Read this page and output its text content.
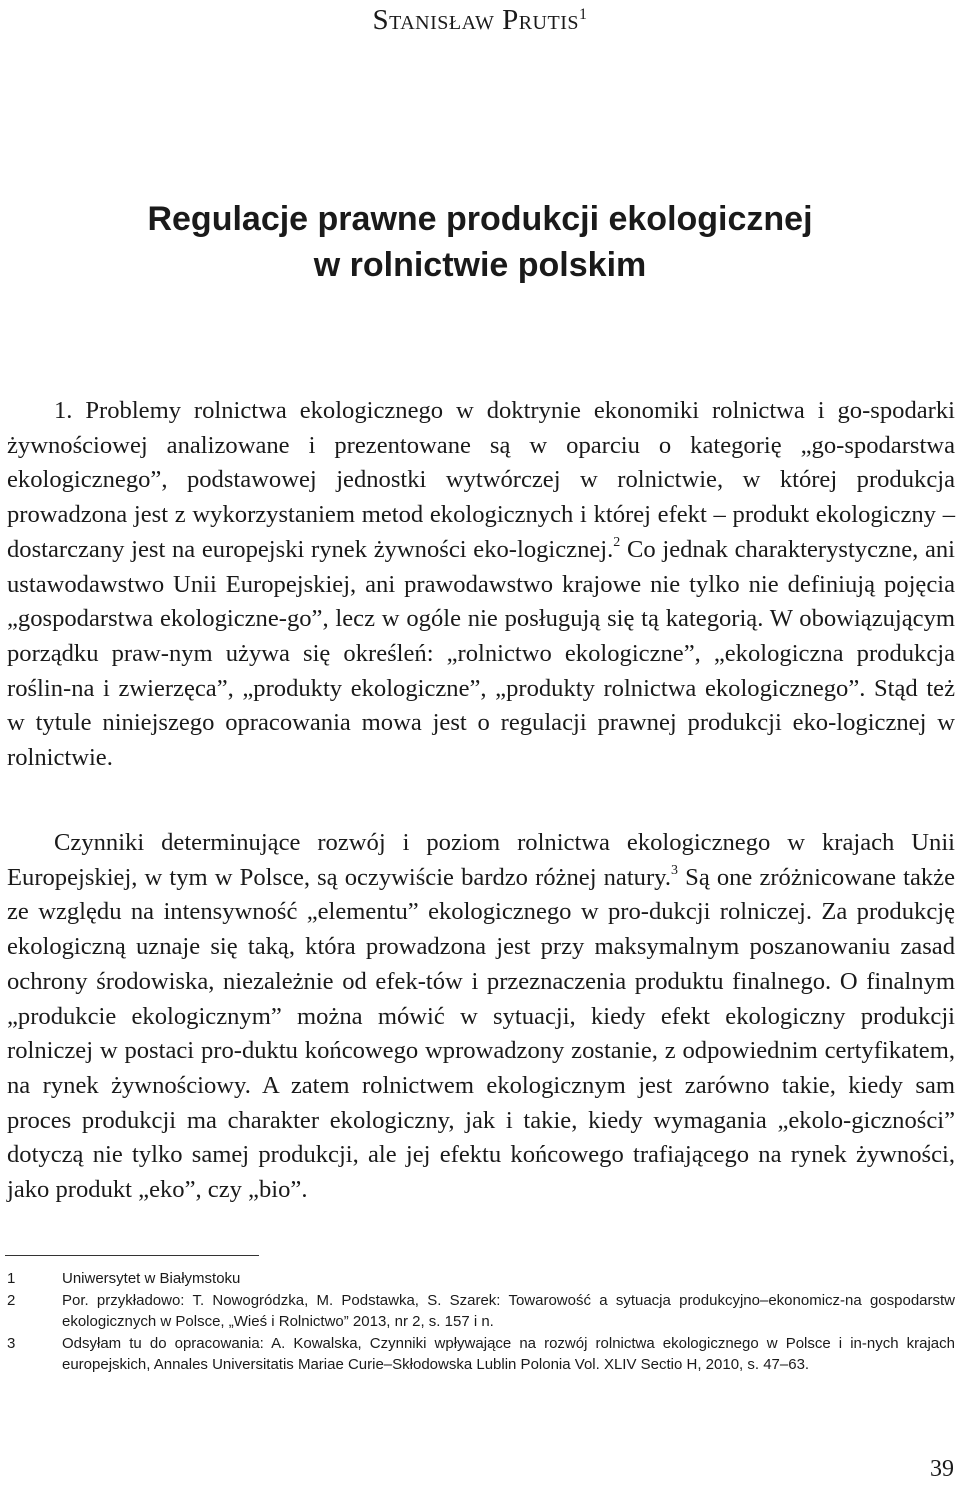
Stanisław Prutis$^1$
Regulacje prawne produkcji ekologicznej
w rolnictwie polskim

1. Problemy rolnictwa ekologicznego w doktrynie ekonomiki rolnictwa i go-spodarki żywnościowej analizowane i prezentowane są w oparciu o kategorię „go-spodarstwa ekologicznego”, podstawowej jednostki wytwórczej w rolnictwie, w której produkcja prowadzona jest z wykorzystaniem metod ekologicznych i której efekt – produkt ekologiczny – dostarczany jest na europejski rynek żywności eko-logicznej.$^2$ Co jednak charakterystyczne, ani ustawodawstwo Unii Europejskiej, ani prawodawstwo krajowe nie tylko nie definiują pojęcia „gospodarstwa ekologiczne-go”, lecz w ogóle nie posługują się tą kategorią. W obowiązującym porządku praw-nym używa się określeń: „rolnictwo ekologiczne”, „ekologiczna produkcja roślin-na i zwierzęca”, „produkty ekologiczne”, „produkty rolnictwa ekologicznego”. Stąd też w tytule niniejszego opracowania mowa jest o regulacji prawnej produkcji eko-logicznej w rolnictwie.

Czynniki determinujące rozwój i poziom rolnictwa ekologicznego w krajach Unii Europejskiej, w tym w Polsce, są oczywiście bardzo różnej natury.$^3$ Są one zróżnicowane także ze względu na intensywność „elementu” ekologicznego w pro-dukcji rolniczej. Za produkcję ekologiczną uznaje się taką, która prowadzona jest przy maksymalnym poszanowaniu zasad ochrony środowiska, niezależnie od efek-tów i przeznaczenia produktu finalnego. O finalnym „produkcie ekologicznym” można mówić w sytuacji, kiedy efekt ekologiczny produkcji rolniczej w postaci pro-duktu końcowego wprowadzony zostanie, z odpowiednim certyfikatem, na rynek żywnościowy. A zatem rolnictwem ekologicznym jest zarówno takie, kiedy sam proces produkcji ma charakter ekologiczny, jak i takie, kiedy wymagania „ekolo-giczności” dotyczą nie tylko samej produkcji, ale jej efektu końcowego trafiającego na rynek żywności, jako produkt „eko”, czy „bio”.

1	Uniwersytet w Białymstoku
2	Por. przykładowo: T. Nowogródzka, M. Podstawka, S. Szarek: Towarowość a sytuacja produkcyjno–ekonomicz-na gospodarstw ekologicznych w Polsce, „Wieś i Rolnictwo” 2013, nr 2, s. 157 i n.
3	Odsyłam tu do opracowania: A. Kowalska, Czynniki wpływające na rozwój rolnictwa ekologicznego w Polsce i in-nych krajach europejskich, Annales Universitatis Mariae Curie–Skłodowska Lublin Polonia Vol. XLIV Sectio H, 2010, s. 47–63.
39
